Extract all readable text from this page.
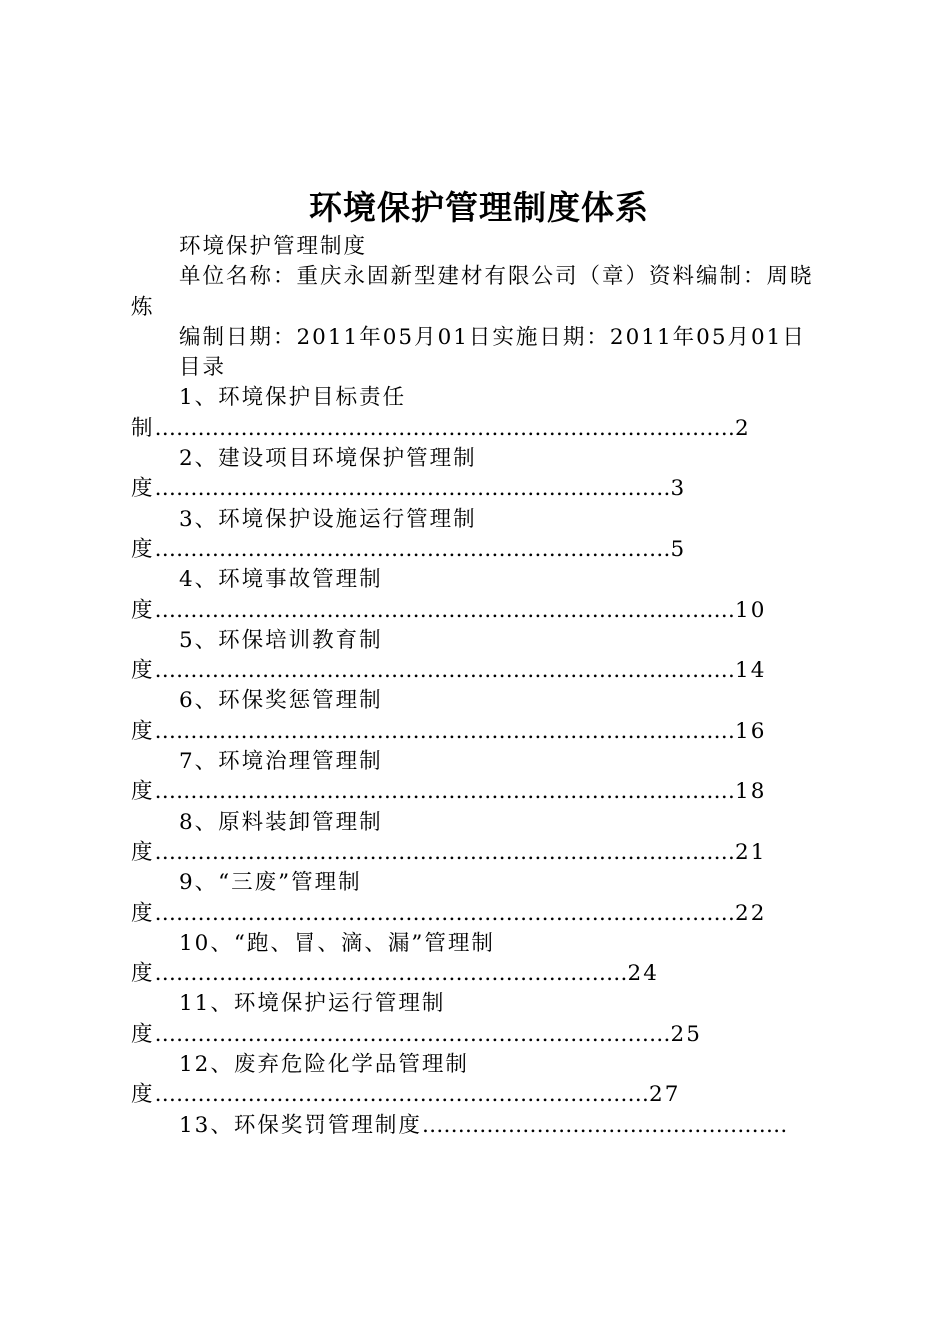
环境保护管理制度体系

环境保护管理制度

单位名称：重庆永固新型建材有限公司（章）资料编制：周晓炼

编制日期：2011年05月01日实施日期：2011年05月01日

目录

1、环境保护目标责任制………………………………………………………………………2

2、建设项目环境保护管理制度………………………………………………………………3

3、环境保护设施运行管理制度………………………………………………………………5

4、环境事故管理制度………………………………………………………………………10

5、环保培训教育制度………………………………………………………………………14

6、环保奖惩管理制度………………………………………………………………………16

7、环境治理管理制度………………………………………………………………………18

8、原料装卸管理制度………………………………………………………………………21

9、“三废”管理制度………………………………………………………………………22

10、“跑、冒、滴、漏”管理制度…………………………………………………………24

11、环境保护运行管理制度………………………………………………………………25

12、废弃危险化学品管理制度……………………………………………………………27

13、环保奖罚管理制度……………………………………………
